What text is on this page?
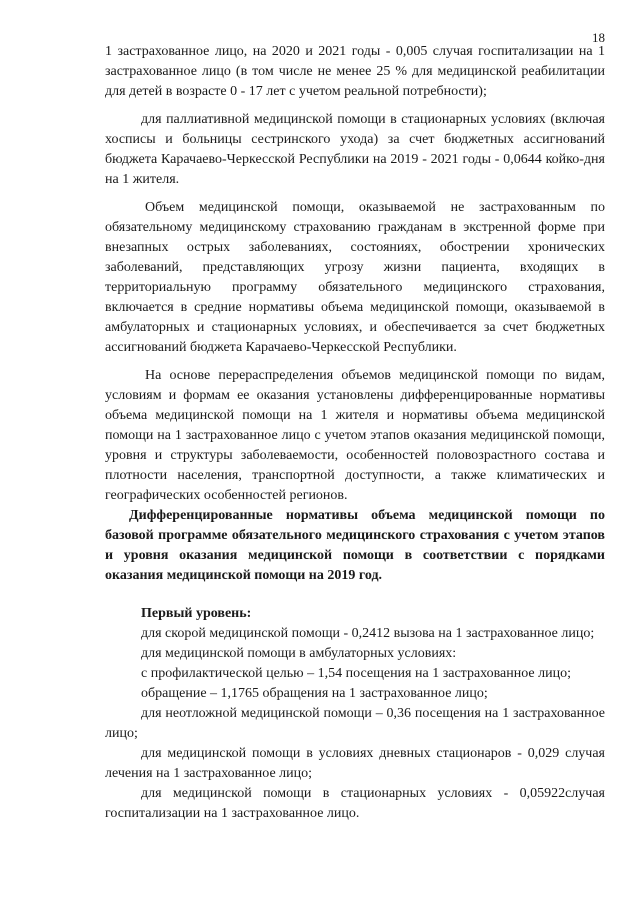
18

1 застрахованное лицо, на 2020 и 2021 годы - 0,005 случая госпитализации на 1 застрахованное лицо (в том числе не менее 25 % для медицинской реабилитации для детей в возрасте 0 - 17 лет с учетом реальной потребности);

для паллиативной медицинской помощи в стационарных условиях (включая хосписы и больницы сестринского ухода) за счет бюджетных ассигнований бюджета Карачаево-Черкесской Республики на 2019 - 2021 годы - 0,0644 койко-дня на 1 жителя.

Объем медицинской помощи, оказываемой не застрахованным по обязательному медицинскому страхованию гражданам в экстренной форме при внезапных острых заболеваниях, состояниях, обострении хронических заболеваний, представляющих угрозу жизни пациента, входящих в территориальную программу обязательного медицинского страхования, включается в средние нормативы объема медицинской помощи, оказываемой в амбулаторных и стационарных условиях, и обеспечивается за счет бюджетных ассигнований бюджета Карачаево-Черкесской Республики.

На основе перераспределения объемов медицинской помощи по видам, условиям и формам ее оказания установлены дифференцированные нормативы объема медицинской помощи на 1 жителя и нормативы объема медицинской помощи на 1 застрахованное лицо с учетом этапов оказания медицинской помощи, уровня и структуры заболеваемости, особенностей половозрастного состава и плотности населения, транспортной доступности, а также климатических и географических особенностей регионов.

Дифференцированные нормативы объема медицинской помощи по базовой программе обязательного медицинского страхования с учетом этапов и уровня оказания медицинской помощи в соответствии с порядками оказания медицинской помощи на 2019 год.

Первый уровень:

для скорой медицинской помощи - 0,2412 вызова на 1 застрахованное лицо;

для медицинской помощи в амбулаторных условиях:

с профилактической целью – 1,54 посещения на 1 застрахованное лицо;

обращение – 1,1765 обращения на 1 застрахованное лицо;

для неотложной медицинской помощи – 0,36 посещения на 1 застрахованное лицо;

для медицинской помощи в условиях дневных стационаров - 0,029 случая лечения на 1 застрахованное лицо;

для медицинской помощи в стационарных условиях - 0,05922случая госпитализации на 1 застрахованное лицо.
